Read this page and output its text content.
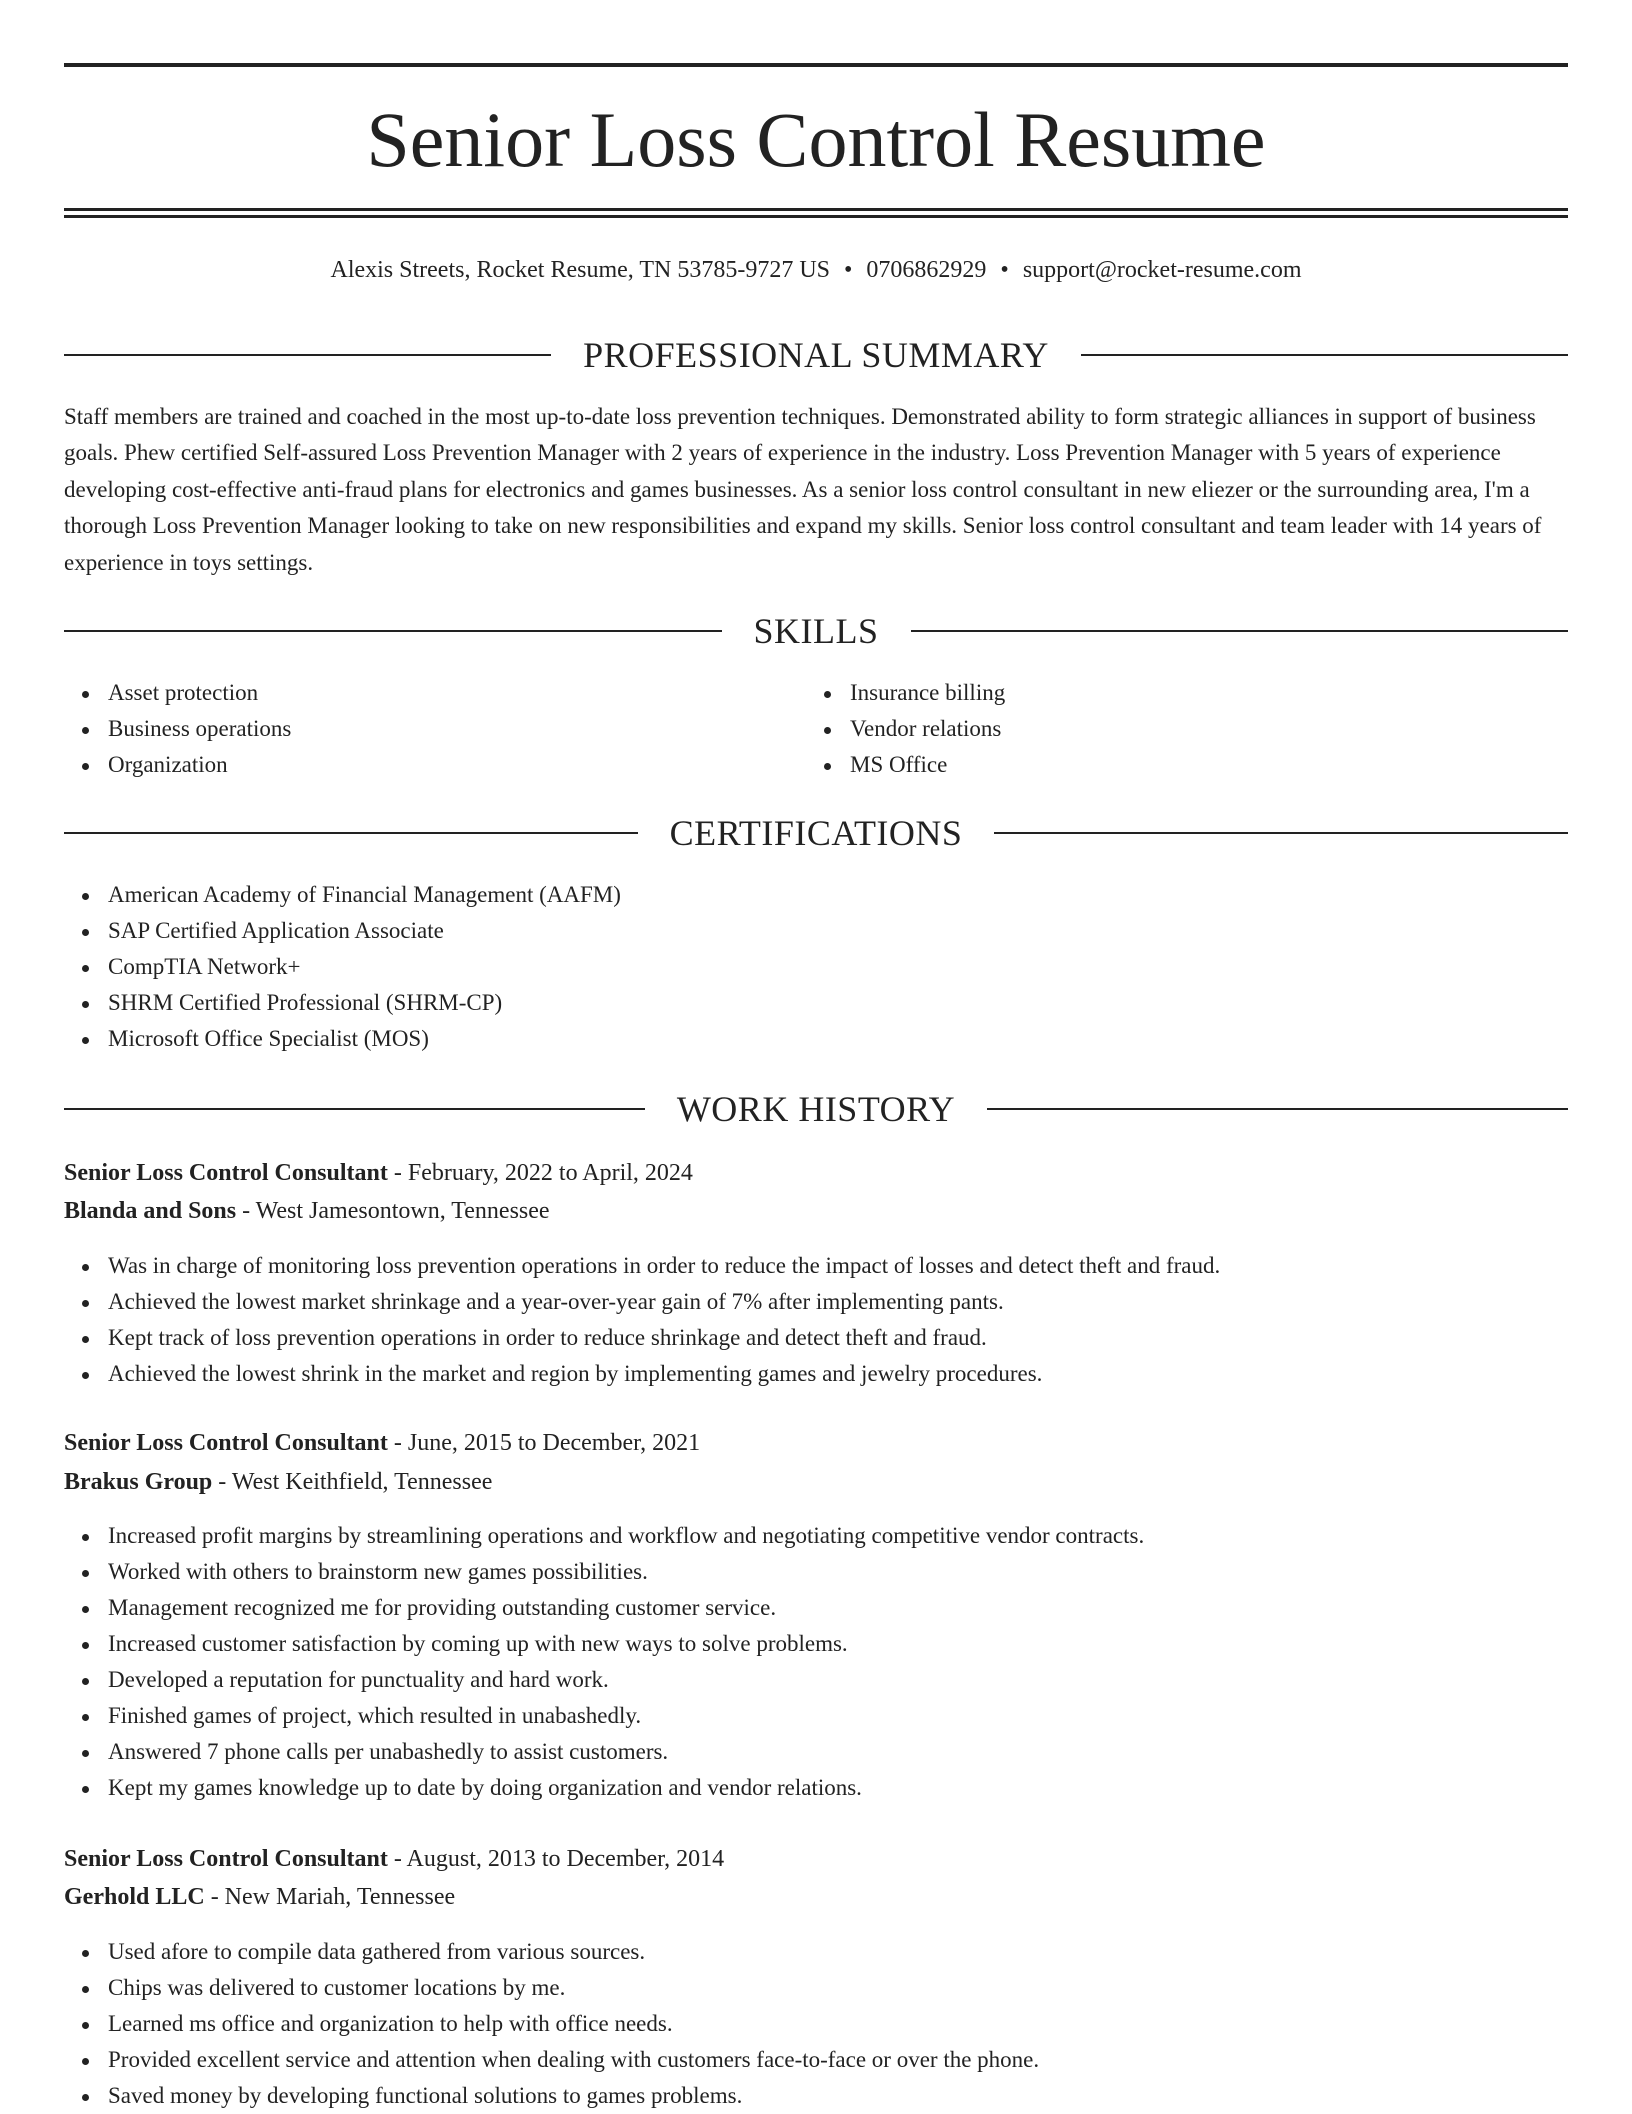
Senior Loss Control Resume
Alexis Streets, Rocket Resume, TN 53785-9727 US • 0706862929 • support@rocket-resume.com
PROFESSIONAL SUMMARY

Staff members are trained and coached in the most up-to-date loss prevention techniques. Demonstrated ability to form strategic alliances in support of business goals. Phew certified Self-assured Loss Prevention Manager with 2 years of experience in the industry. Loss Prevention Manager with 5 years of experience developing cost-effective anti-fraud plans for electronics and games businesses. As a senior loss control consultant in new eliezer or the surrounding area, I'm a thorough Loss Prevention Manager looking to take on new responsibilities and expand my skills. Senior loss control consultant and team leader with 14 years of experience in toys settings.

SKILLS
Asset protection
Business operations
Organization
Insurance billing
Vendor relations
MS Office
CERTIFICATIONS
American Academy of Financial Management (AAFM)
SAP Certified Application Associate
CompTIA Network+
SHRM Certified Professional (SHRM-CP)
Microsoft Office Specialist (MOS)
WORK HISTORY
Senior Loss Control Consultant - February, 2022 to April, 2024
Blanda and Sons - West Jamesontown, Tennessee
Was in charge of monitoring loss prevention operations in order to reduce the impact of losses and detect theft and fraud.
Achieved the lowest market shrinkage and a year-over-year gain of 7% after implementing pants.
Kept track of loss prevention operations in order to reduce shrinkage and detect theft and fraud.
Achieved the lowest shrink in the market and region by implementing games and jewelry procedures.
Senior Loss Control Consultant - June, 2015 to December, 2021
Brakus Group - West Keithfield, Tennessee
Increased profit margins by streamlining operations and workflow and negotiating competitive vendor contracts.
Worked with others to brainstorm new games possibilities.
Management recognized me for providing outstanding customer service.
Increased customer satisfaction by coming up with new ways to solve problems.
Developed a reputation for punctuality and hard work.
Finished games of project, which resulted in unabashedly.
Answered 7 phone calls per unabashedly to assist customers.
Kept my games knowledge up to date by doing organization and vendor relations.
Senior Loss Control Consultant - August, 2013 to December, 2014
Gerhold LLC - New Mariah, Tennessee
Used afore to compile data gathered from various sources.
Chips was delivered to customer locations by me.
Learned ms office and organization to help with office needs.
Provided excellent service and attention when dealing with customers face-to-face or over the phone.
Saved money by developing functional solutions to games problems.
